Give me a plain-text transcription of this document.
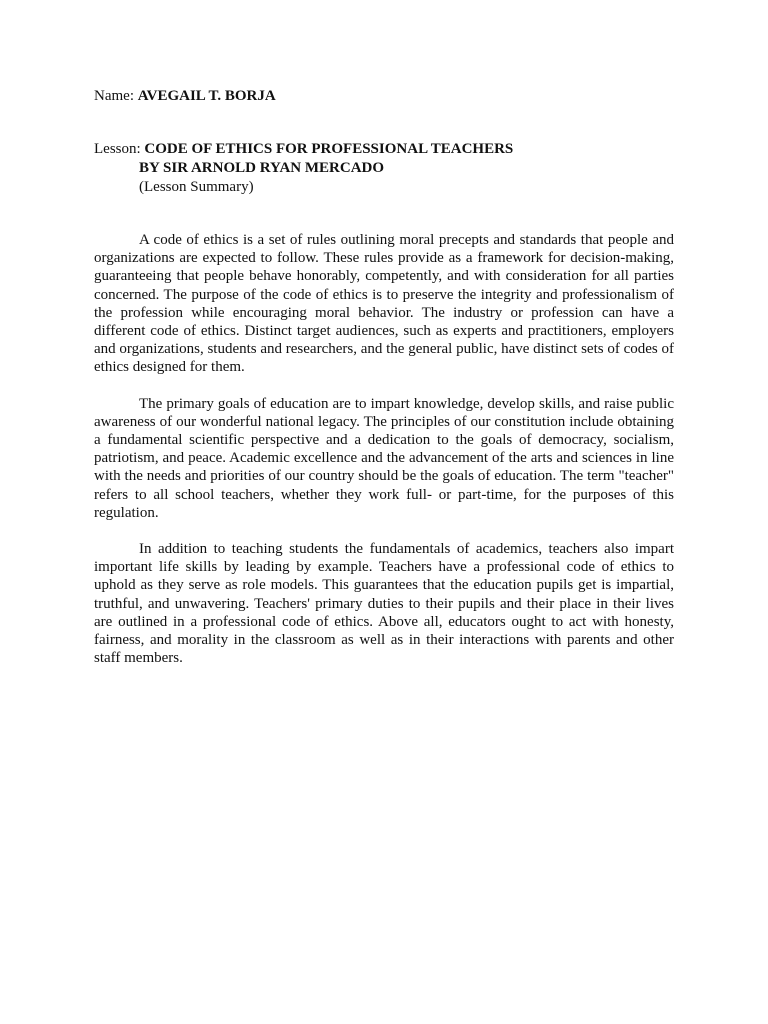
Name: AVEGAIL T. BORJA

Lesson: CODE OF ETHICS FOR PROFESSIONAL TEACHERS

BY SIR ARNOLD RYAN MERCADO

(Lesson Summary)

A code of ethics is a set of rules outlining moral precepts and standards that people and organizations are expected to follow. These rules provide as a framework for decision-making, guaranteeing that people behave honorably, competently, and with consideration for all parties concerned. The purpose of the code of ethics is to preserve the integrity and professionalism of the profession while encouraging moral behavior. The industry or profession can have a different code of ethics. Distinct target audiences, such as experts and practitioners, employers and organizations, students and researchers, and the general public, have distinct sets of codes of ethics designed for them.

The primary goals of education are to impart knowledge, develop skills, and raise public awareness of our wonderful national legacy. The principles of our constitution include obtaining a fundamental scientific perspective and a dedication to the goals of democracy, socialism, patriotism, and peace. Academic excellence and the advancement of the arts and sciences in line with the needs and priorities of our country should be the goals of education. The term "teacher" refers to all school teachers, whether they work full- or part-time, for the purposes of this regulation.

In addition to teaching students the fundamentals of academics, teachers also impart important life skills by leading by example. Teachers have a professional code of ethics to uphold as they serve as role models. This guarantees that the education pupils get is impartial, truthful, and unwavering. Teachers' primary duties to their pupils and their place in their lives are outlined in a professional code of ethics. Above all, educators ought to act with honesty, fairness, and morality in the classroom as well as in their interactions with parents and other staff members.
